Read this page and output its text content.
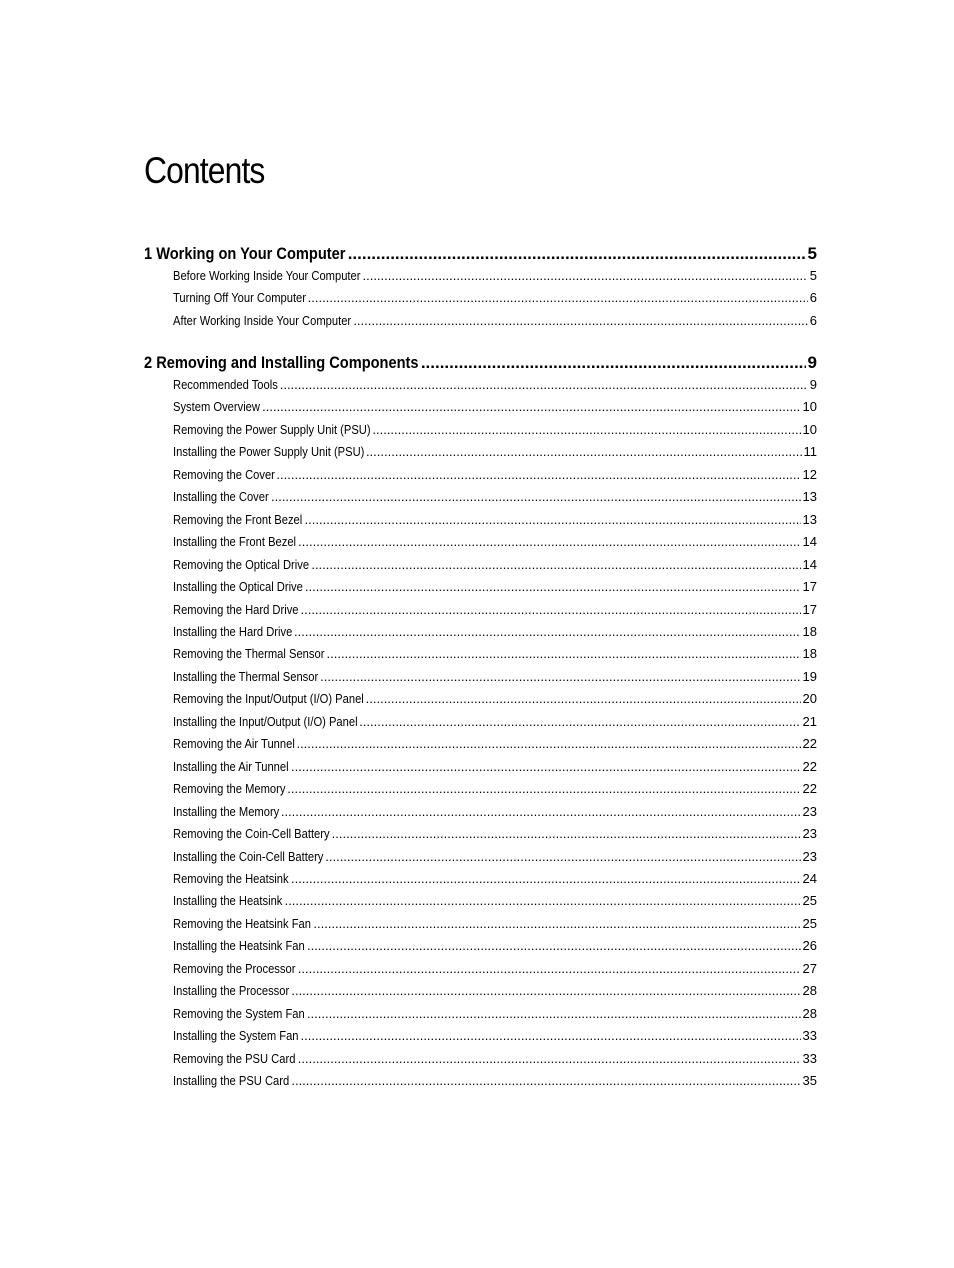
Contents
1 Working on Your Computer .....	5
Before Working Inside Your Computer .....	5
Turning Off Your Computer .....	6
After Working Inside Your Computer .....	6
2 Removing and Installing Components .....	9
Recommended Tools .....	9
System Overview .....	10
Removing the Power Supply Unit (PSU) .....	10
Installing the Power Supply Unit (PSU) .....	11
Removing the Cover .....	12
Installing the Cover .....	13
Removing the Front Bezel .....	13
Installing the Front Bezel .....	14
Removing the Optical Drive .....	14
Installing the Optical Drive .....	17
Removing the Hard Drive .....	17
Installing the Hard Drive .....	18
Removing the Thermal Sensor .....	18
Installing the Thermal Sensor .....	19
Removing the Input/Output (I/O) Panel .....	20
Installing the Input/Output (I/O) Panel .....	21
Removing the Air Tunnel .....	22
Installing the Air Tunnel .....	22
Removing the Memory .....	22
Installing the Memory .....	23
Removing the Coin-Cell Battery .....	23
Installing the Coin-Cell Battery .....	23
Removing the Heatsink .....	24
Installing the Heatsink .....	25
Removing the Heatsink Fan .....	25
Installing the Heatsink Fan .....	26
Removing the Processor .....	27
Installing the Processor .....	28
Removing the System Fan .....	28
Installing the System Fan .....	33
Removing the PSU Card .....	33
Installing the PSU Card .....	35
